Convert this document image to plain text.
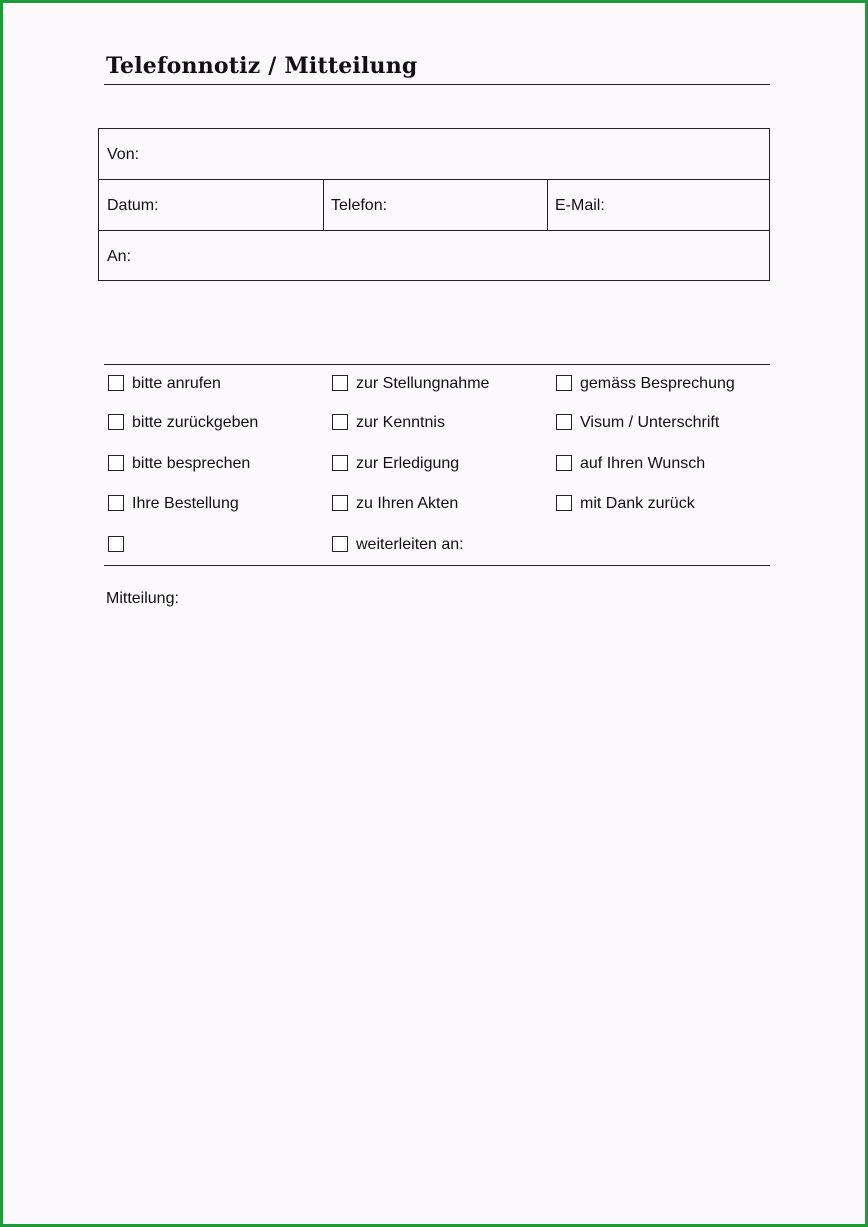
Telefonnotiz / Mitteilung
Von:
Datum:	Telefon:	E-Mail:
An:
bitte anrufen
bitte zurückgeben
bitte besprechen
Ihre Bestellung
zur Stellungnahme
zur Kenntnis
zur Erledigung
zu Ihren Akten
weiterleiten an:
gemäss Besprechung
Visum / Unterschrift
auf Ihren Wunsch
mit Dank zurück
Mitteilung:
